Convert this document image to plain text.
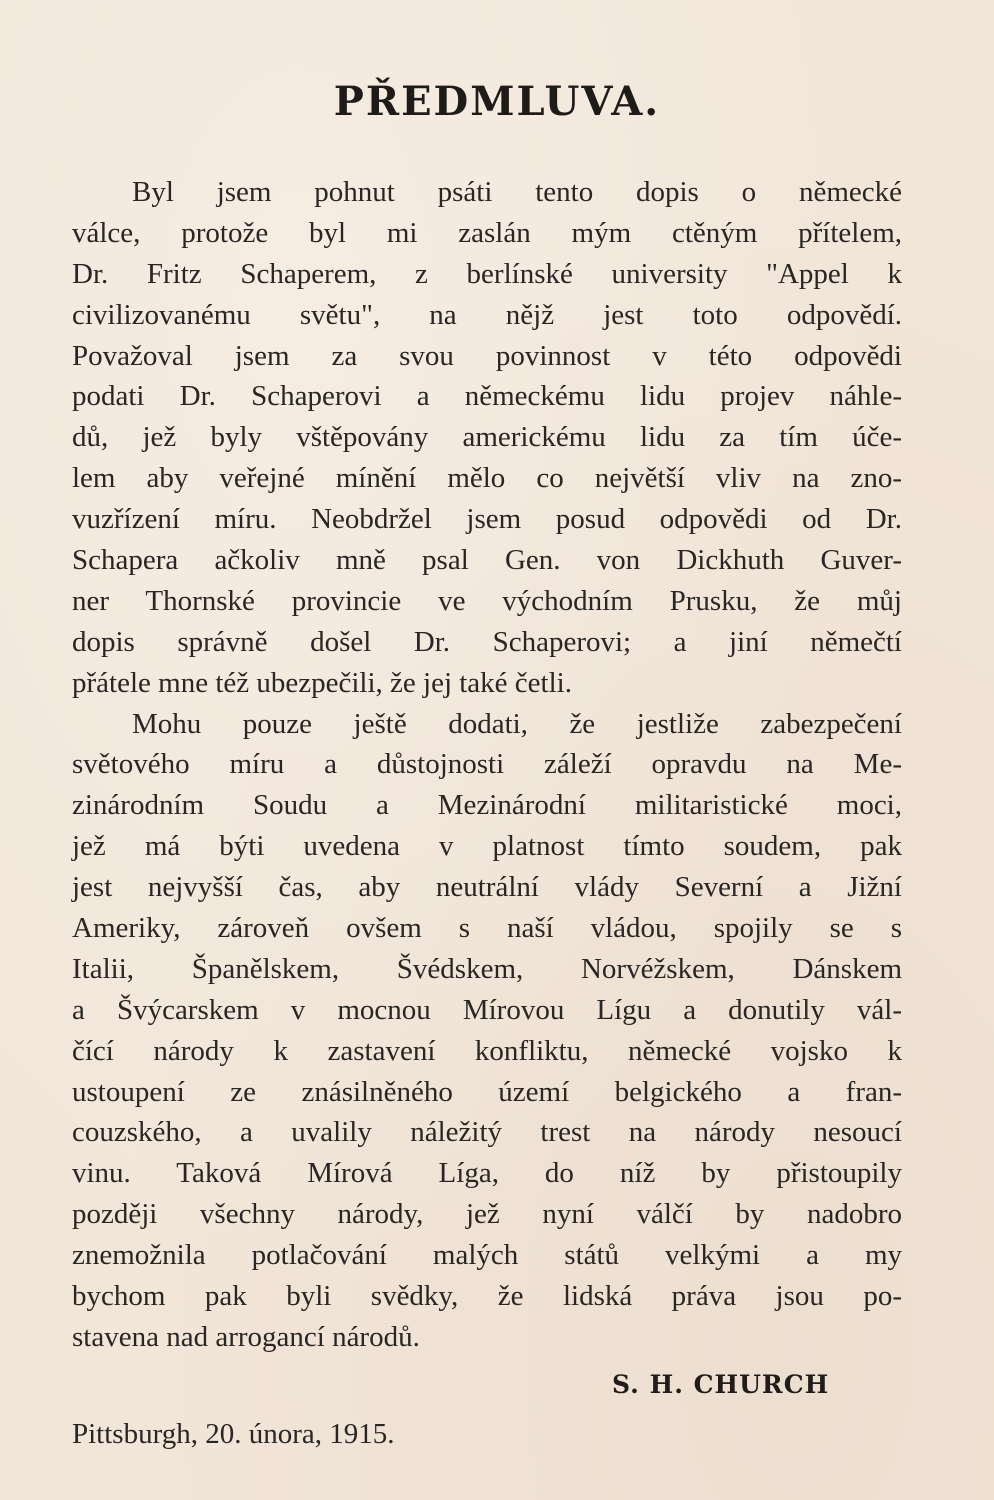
PŘEDMLUVA.
Byl jsem pohnut psáti tento dopis o německé
válce, protože byl mi zaslán mým ctěným přítelem,
Dr. Fritz Schaperem, z berlínské university "Appel k
civilizovanému světu", na nějž jest toto odpovědí.
Považoval jsem za svou povinnost v této odpovědi
podati Dr. Schaperovi a německému lidu projev náhle-
dů, jež byly vštěpovány americkému lidu za tím úče-
lem aby veřejné mínění mělo co největší vliv na zno-
vuzřízení míru. Neobdržel jsem posud odpovědi od Dr.
Schapera ačkoliv mně psal Gen. von Dickhuth Guver-
ner Thornské provincie ve východním Prusku, že můj
dopis správně došel Dr. Schaperovi; a jiní němečtí
přátele mne též ubezpečili, že jej také četli.
Mohu pouze ještě dodati, že jestliže zabezpečení
světového míru a důstojnosti záleží opravdu na Me-
zinárodním Soudu a Mezinárodní militaristické moci,
jež má býti uvedena v platnost tímto soudem, pak
jest nejvyšší čas, aby neutrální vlády Severní a Jižní
Ameriky, zároveň ovšem s naší vládou, spojily se s
Italii, Španělskem, Švédskem, Norvéžskem, Dánskem
a Švýcarskem v mocnou Mírovou Lígu a donutily vál-
čící národy k zastavení konfliktu, německé vojsko k
ustoupení ze znásilněného území belgického a fran-
couzského, a uvalily náležitý trest na národy nesoucí
vinu. Taková Mírová Líga, do níž by přistoupily
později všechny národy, jež nyní válčí by nadobro
znemožnila potlačování malých států velkými a my
bychom pak byli svědky, že lidská práva jsou po-
stavena nad arrogancí národů.
S. H. CHURCH
Pittsburgh, 20. února, 1915.
